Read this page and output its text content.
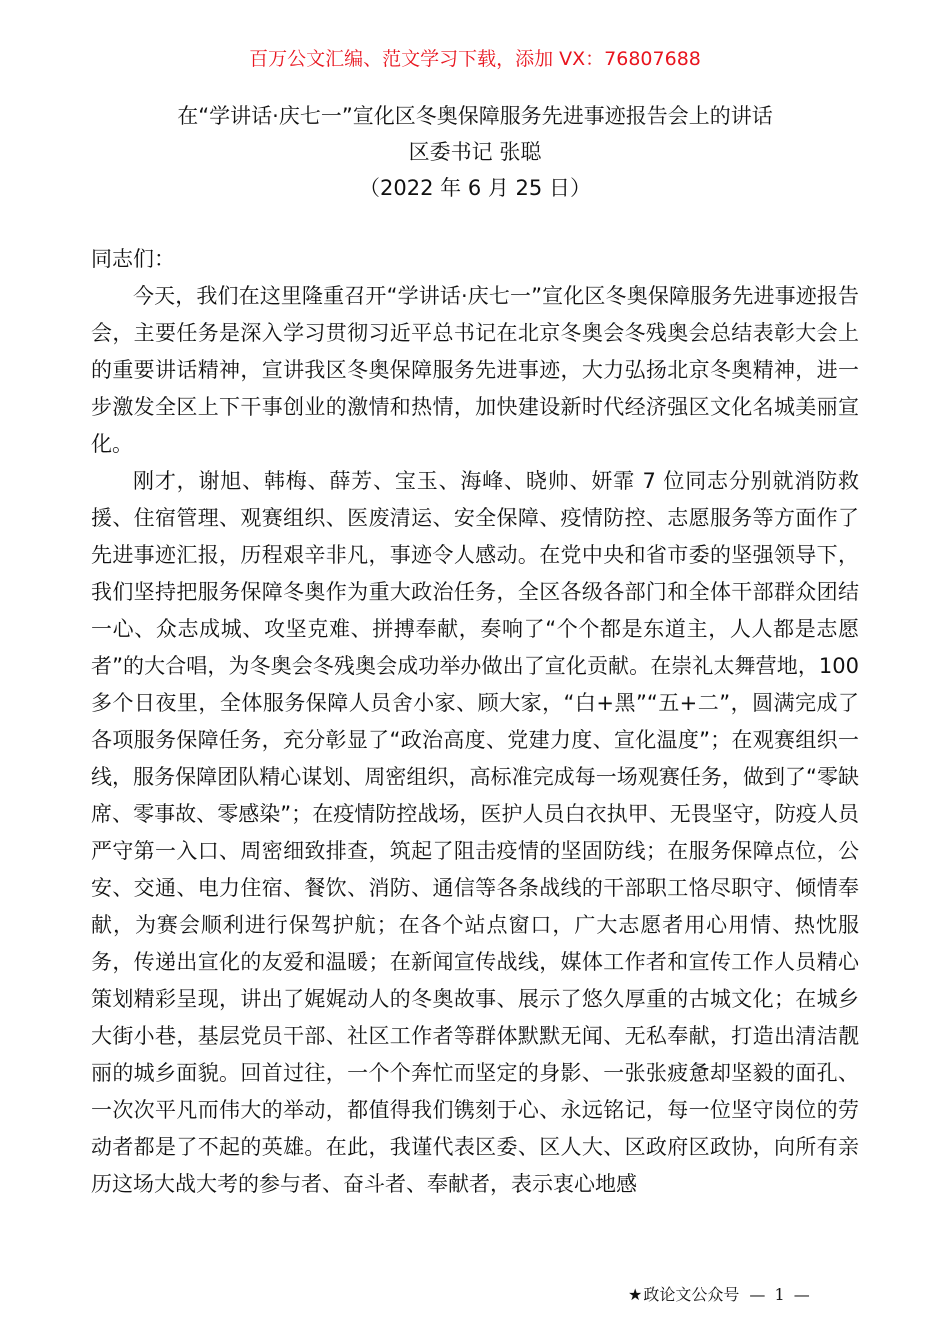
百万公文汇编、范文学习下载，添加 VX：76807688
在“学讲话·庆七一”宣化区冬奥保障服务先进事迹报告会上的讲话
区委书记 张聪
（2022 年 6 月 25 日）

同志们：

今天，我们在这里隆重召开“学讲话·庆七一”宣化区冬奥保障服务先进事迹报告会，主要任务是深入学习贯彻习近平总书记在北京冬奥会冬残奥会总结表彰大会上的重要讲话精神，宣讲我区冬奥保障服务先进事迹，大力弘扬北京冬奥精神，进一步激发全区上下干事创业的激情和热情，加快建设新时代经济强区文化名城美丽宣化。

刚才，谢旭、韩梅、薛芳、宝玉、海峰、晓帅、妍霏 7 位同志分别就消防救援、住宿管理、观赛组织、医废清运、安全保障、疫情防控、志愿服务等方面作了先进事迹汇报，历程艰辛非凡，事迹令人感动。在党中央和省市委的坚强领导下，我们坚持把服务保障冬奥作为重大政治任务，全区各级各部门和全体干部群众团结一心、众志成城、攻坚克难、拼搏奉献，奏响了“个个都是东道主，人人都是志愿者”的大合唱，为冬奥会冬残奥会成功举办做出了宣化贡献。在崇礼太舞营地，100 多个日夜里，全体服务保障人员舍小家、顾大家，“白+黑”“五+二”，圆满完成了各项服务保障任务，充分彰显了“政治高度、党建力度、宣化温度”；在观赛组织一线，服务保障团队精心谋划、周密组织，高标准完成每一场观赛任务，做到了“零缺席、零事故、零感染”；在疫情防控战场，医护人员白衣执甲、无畏坚守，防疫人员严守第一入口、周密细致排查，筑起了阻击疫情的坚固防线；在服务保障点位，公安、交通、电力住宿、餐饮、消防、通信等各条战线的干部职工恪尽职守、倾情奉献，为赛会顺利进行保驾护航；在各个站点窗口，广大志愿者用心用情、热忱服务，传递出宣化的友爱和温暖；在新闻宣传战线，媒体工作者和宣传工作人员精心策划精彩呈现，讲出了娓娓动人的冬奥故事、展示了悠久厚重的古城文化；在城乡大街小巷，基层党员干部、社区工作者等群体默默无闻、无私奉献，打造出清洁靓丽的城乡面貌。回首过往，一个个奔忙而坚定的身影、一张张疲惫却坚毅的面孔、一次次平凡而伟大的举动，都值得我们镌刻于心、永远铭记，每一位坚守岗位的劳动者都是了不起的英雄。在此，我谨代表区委、区人大、区政府区政协，向所有亲历这场大战大考的参与者、奋斗者、奉献者，表示衷心地感

★政论文公众号 — 1 —
